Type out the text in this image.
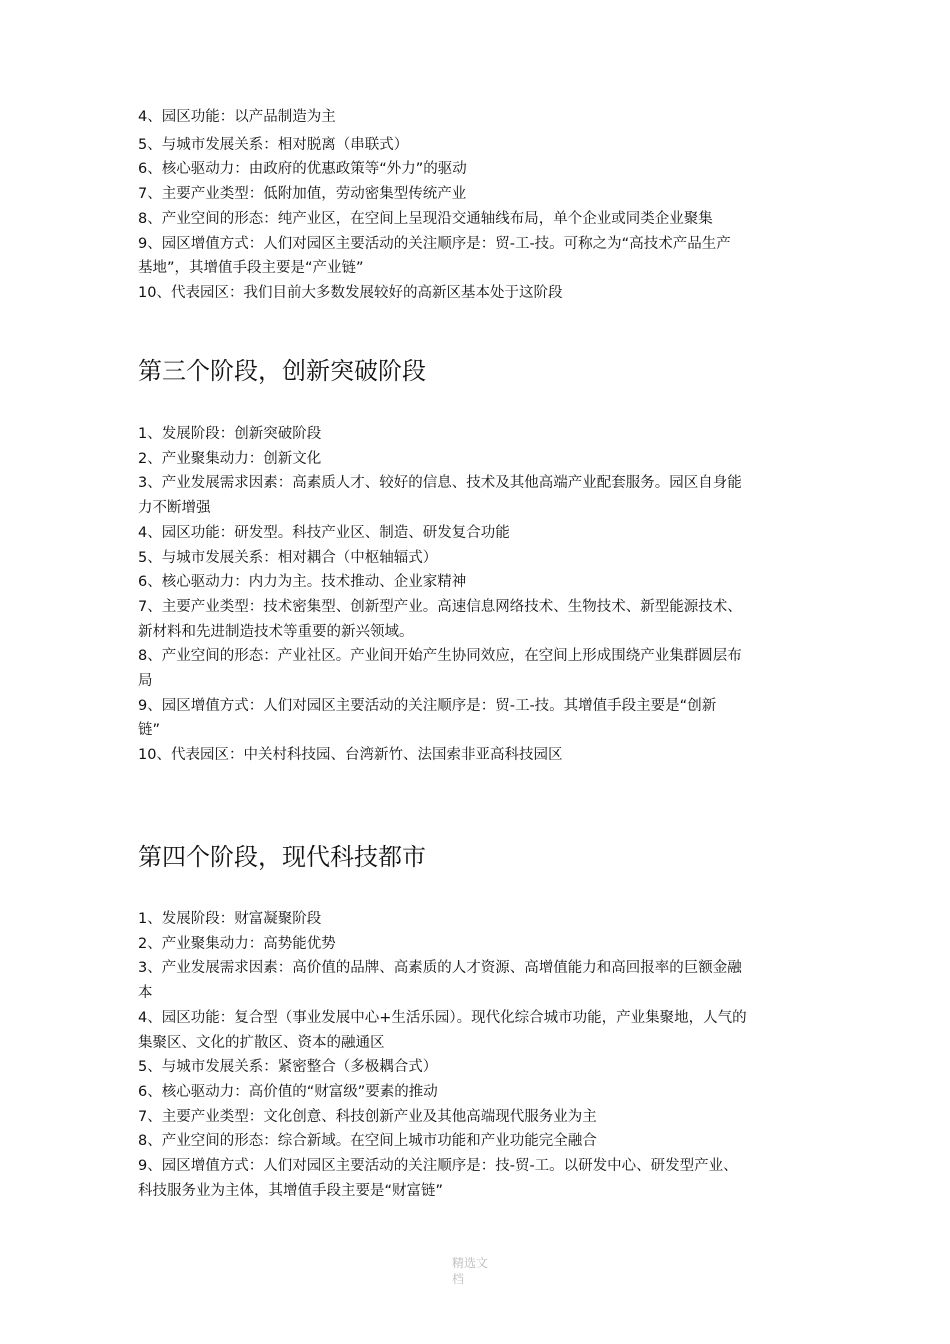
4、园区功能：以产品制造为主
5、与城市发展关系：相对脱离（串联式）
6、核心驱动力：由政府的优惠政策等“外力”的驱动
7、主要产业类型：低附加值，劳动密集型传统产业
8、产业空间的形态：纯产业区，在空间上呈现沿交通轴线布局，单个企业或同类企业聚集
9、园区增值方式：人们对园区主要活动的关注顺序是：贸-工-技。可称之为“高技术产品生产
基地”，其增值手段主要是“产业链”
10、代表园区：我们目前大多数发展较好的高新区基本处于这阶段
第三个阶段，创新突破阶段
1、发展阶段：创新突破阶段
2、产业聚集动力：创新文化
3、产业发展需求因素：高素质人才、较好的信息、技术及其他高端产业配套服务。园区自身能
力不断增强
4、园区功能：研发型。科技产业区、制造、研发复合功能
5、与城市发展关系：相对耦合（中枢轴辐式）
6、核心驱动力：内力为主。技术推动、企业家精神
7、主要产业类型：技术密集型、创新型产业。高速信息网络技术、生物技术、新型能源技术、
新材料和先进制造技术等重要的新兴领域。
8、产业空间的形态：产业社区。产业间开始产生协同效应，在空间上形成围绕产业集群圆层布
局
9、园区增值方式：人们对园区主要活动的关注顺序是：贸-工-技。其增值手段主要是“创新
链”
10、代表园区：中关村科技园、台湾新竹、法国索非亚高科技园区
第四个阶段，现代科技都市
1、发展阶段：财富凝聚阶段
2、产业聚集动力：高势能优势
3、产业发展需求因素：高价值的品牌、高素质的人才资源、高增值能力和高回报率的巨额金融
本
4、园区功能：复合型（事业发展中心+生活乐园）。现代化综合城市功能，产业集聚地，人气的
集聚区、文化的扩散区、资本的融通区
5、与城市发展关系：紧密整合（多极耦合式）
6、核心驱动力：高价值的“财富级”要素的推动
7、主要产业类型：文化创意、科技创新产业及其他高端现代服务业为主
8、产业空间的形态：综合新域。在空间上城市功能和产业功能完全融合
9、园区增值方式：人们对园区主要活动的关注顺序是：技-贸-工。以研发中心、研发型产业、
科技服务业为主体，其增值手段主要是“财富链”
精选文
档
